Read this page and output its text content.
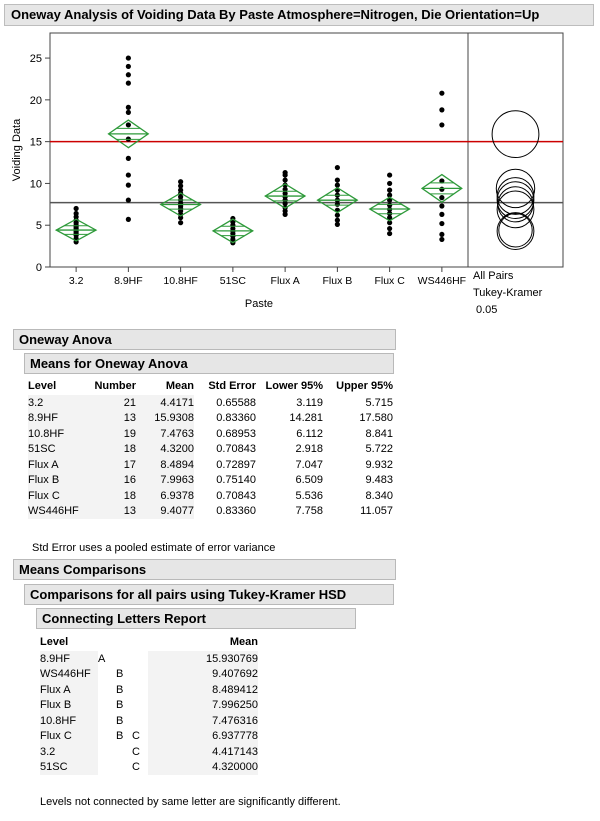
Oneway Analysis of Voiding Data By Paste Atmosphere=Nitrogen, Die Orientation=Up
0
5
10
15
20
25
Voiding Data
3.2	8.9HF 10.8HF 51SC Flux A Flux B Flux C WS446HF
Paste
All Pairs
Tukey-Kramer
0.05
Oneway Anova
Means for Oneway Anova
Level	Number	Mean	Std Error	Lower 95%	Upper 95%
3.2	21	4.4171	0.65588	3.119	5.715
8.9HF	13	15.9308	0.83360	14.281	17.580
10.8HF	19	7.4763	0.68953	6.112	8.841
51SC	18	4.3200	0.70843	2.918	5.722
Flux A	17	8.4894	0.72897	7.047	9.932
Flux B	16	7.9963	0.75140	6.509	9.483
Flux C	18	6.9378	0.70843	5.536	8.340
WS446HF	13	9.4077	0.83360	7.758	11.057
Std Error uses a pooled estimate of error variance
Means Comparisons
Comparisons for all pairs using Tukey-Kramer HSD
Connecting Letters Report
Level				Mean
8.9HF	A			15.930769
WS446HF		B		9.407692
Flux A		B		8.489412
Flux B		B		7.996250
10.8HF		B		7.476316
Flux C		B	C	6.937778
3.2			C	4.417143
51SC			C	4.320000
Levels not connected by same letter are significantly different.
